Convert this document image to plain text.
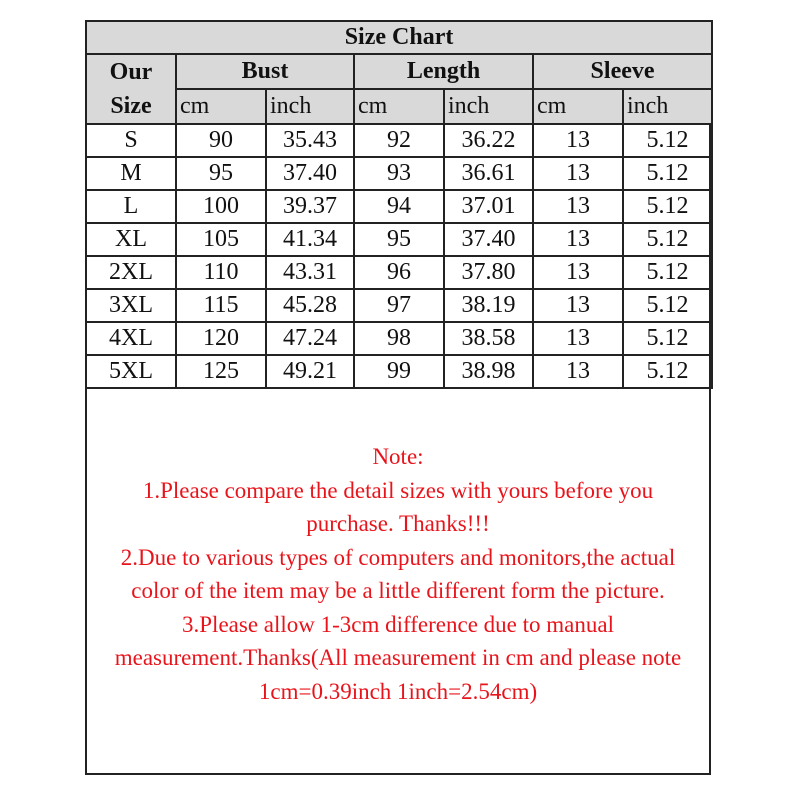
Size Chart						
Our
Size	Bust		Length		Sleeve	
	cm	inch	cm	inch	cm	inch
S	90	35.43	92	36.22	13	5.12
M	95	37.40	93	36.61	13	5.12
L	100	39.37	94	37.01	13	5.12
XL	105	41.34	95	37.40	13	5.12
2XL	110	43.31	96	37.80	13	5.12
3XL	115	45.28	97	38.19	13	5.12
4XL	120	47.24	98	38.58	13	5.12
5XL	125	49.21	99	38.98	13	5.12
Note:
1.Please compare the detail sizes with yours before you purchase. Thanks!!!
2.Due to various types of computers and monitors,the actual color of the item may be a little different form the picture.
3.Please allow 1-3cm difference due to manual measurement.Thanks(All measurement in cm and please note 1cm=0.39inch 1inch=2.54cm)
